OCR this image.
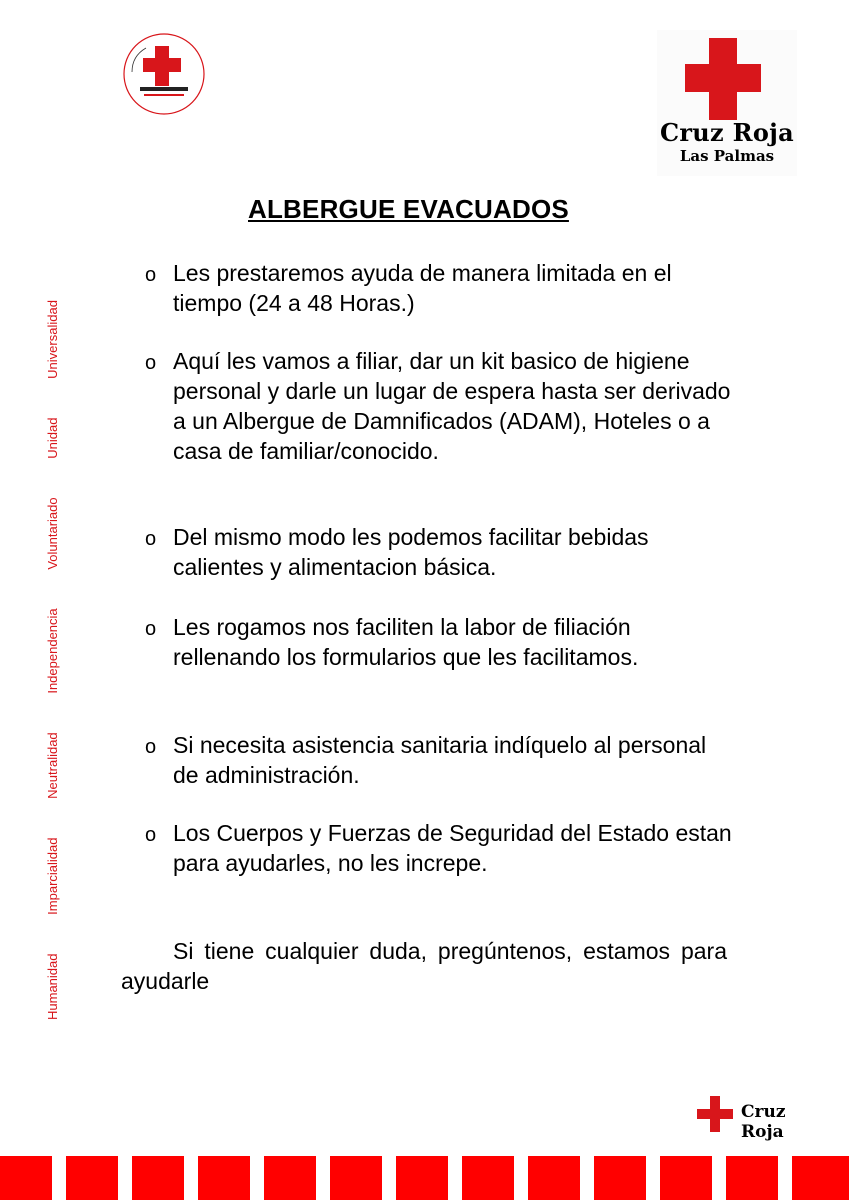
Cruz Roja
Las Palmas
ALBERGUE EVACUADOS
o Les prestaremos ayuda de manera limitada en el tiempo (24 a 48 Horas.)
o Aquí les vamos a filiar, dar un kit basico de higiene personal y darle un lugar de espera hasta ser derivado a un Albergue de Damnificados (ADAM), Hoteles o a casa de familiar/conocido.
o Del mismo modo les podemos facilitar bebidas calientes y alimentacion básica.
o Les rogamos nos faciliten la labor de filiación rellenando los formularios que les facilitamos.
o Si necesita asistencia sanitaria indíquelo al personal de administración.
o Los Cuerpos y Fuerzas de Seguridad del Estado estan para ayudarles, no les increpe.
Si tiene cualquier duda, pregúntenos, estamos para ayudarle
Humanidad
Imparcialidad
Neutralidad
Independencia
Voluntariado
Unidad
Universalidad
Cruz Roja
